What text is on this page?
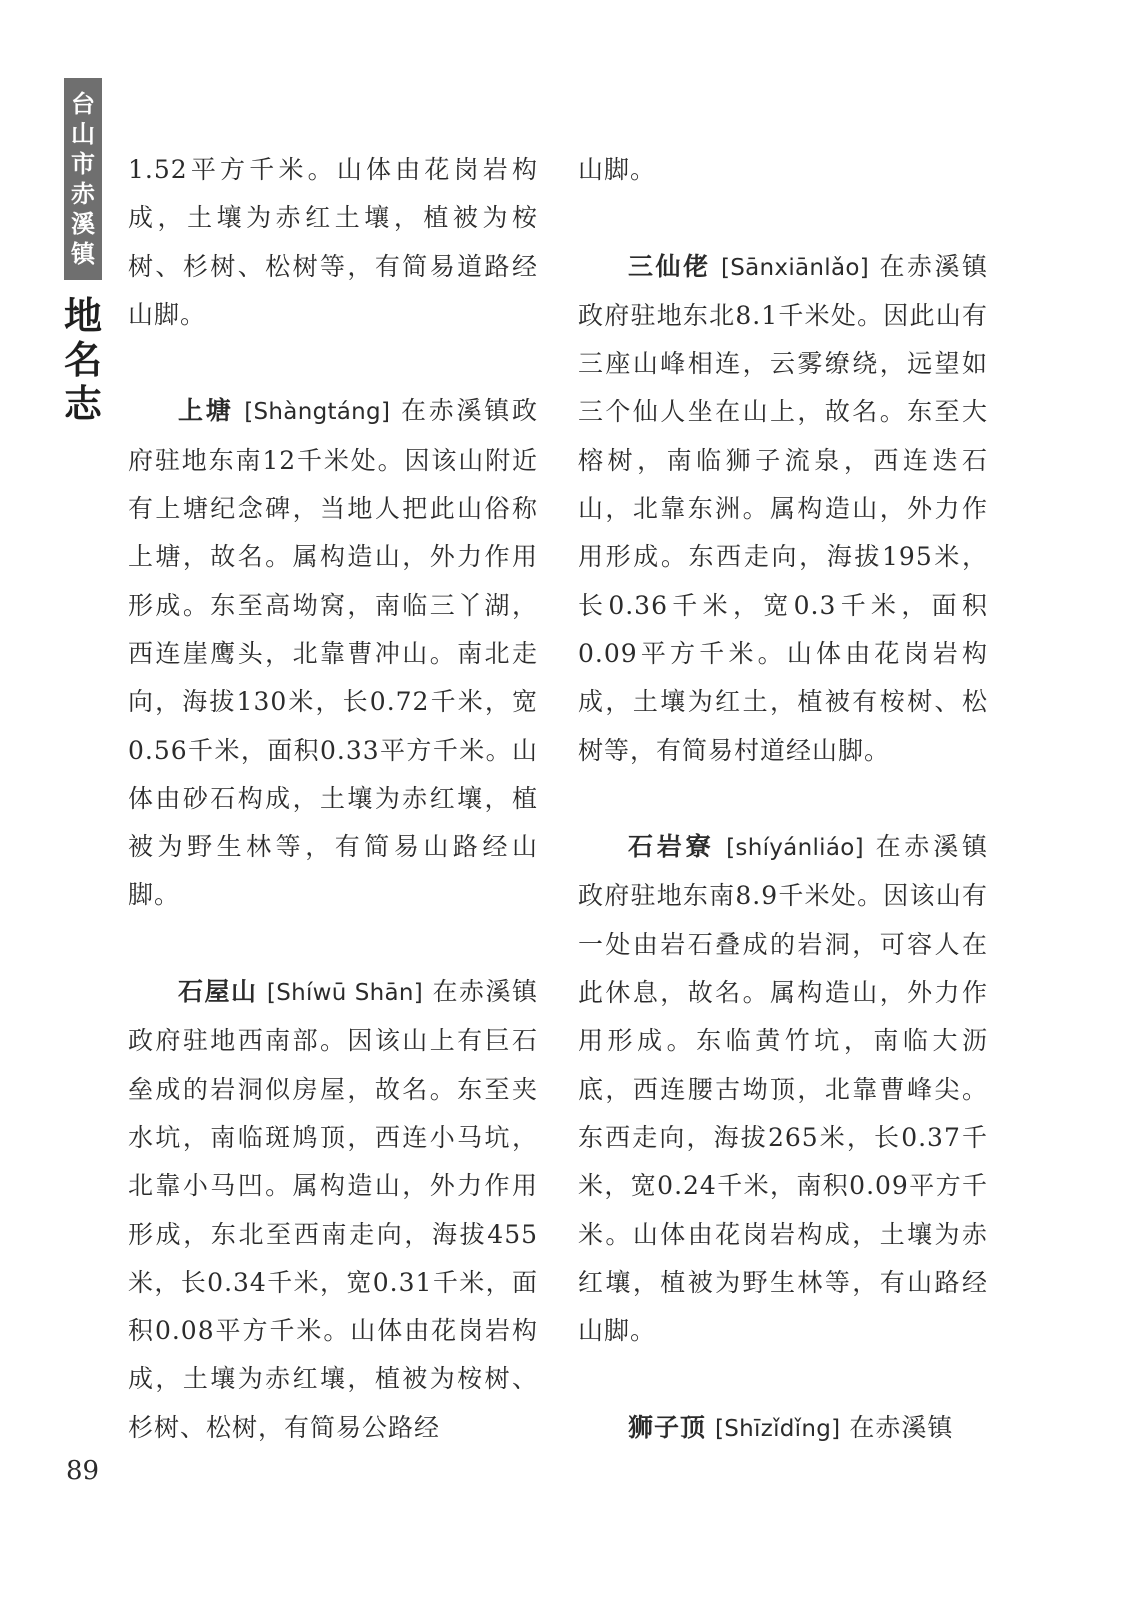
台
山
市
赤
溪
镇
地
名
志

1.52平方千米。山体由花岗岩构成，土壤为赤红土壤，植被为桉树、杉树、松树等，有简易道路经山脚。

上塘 [Shàngtáng] 在赤溪镇政府驻地东南12千米处。因该山附近有上塘纪念碑，当地人把此山俗称上塘，故名。属构造山，外力作用形成。东至高坳窝，南临三丫湖，西连崖鹰头，北靠曹冲山。南北走向，海拔130米，长0.72千米，宽0.56千米，面积0.33平方千米。山体由砂石构成，土壤为赤红壤，植被为野生林等，有简易山路经山脚。

石屋山 [Shíwū Shān] 在赤溪镇政府驻地西南部。因该山上有巨石垒成的岩洞似房屋，故名。东至夹水坑，南临斑鸠顶，西连小马坑，北靠小马凹。属构造山，外力作用形成，东北至西南走向，海拔455米，长0.34千米，宽0.31千米，面积0.08平方千米。山体由花岗岩构成，土壤为赤红壤，植被为桉树、杉树、松树，有简易公路经

山脚。

三仙佬 [Sānxiānlǎo] 在赤溪镇政府驻地东北8.1千米处。因此山有三座山峰相连，云雾缭绕，远望如三个仙人坐在山上，故名。东至大榕树，南临狮子流泉，西连迭石山，北靠东洲。属构造山，外力作用形成。东西走向，海拔195米，长0.36千米，宽0.3千米，面积0.09平方千米。山体由花岗岩构成，土壤为红土，植被有桉树、松树等，有简易村道经山脚。

石岩寮 [shíyánliáo] 在赤溪镇政府驻地东南8.9千米处。因该山有一处由岩石叠成的岩洞，可容人在此休息，故名。属构造山，外力作用形成。东临黄竹坑，南临大沥底，西连腰古坳顶，北靠曹峰尖。东西走向，海拔265米，长0.37千米，宽0.24千米，南积0.09平方千米。山体由花岗岩构成，土壤为赤红壤，植被为野生林等，有山路经山脚。

狮子顶 [Shīzǐdǐng] 在赤溪镇

89
